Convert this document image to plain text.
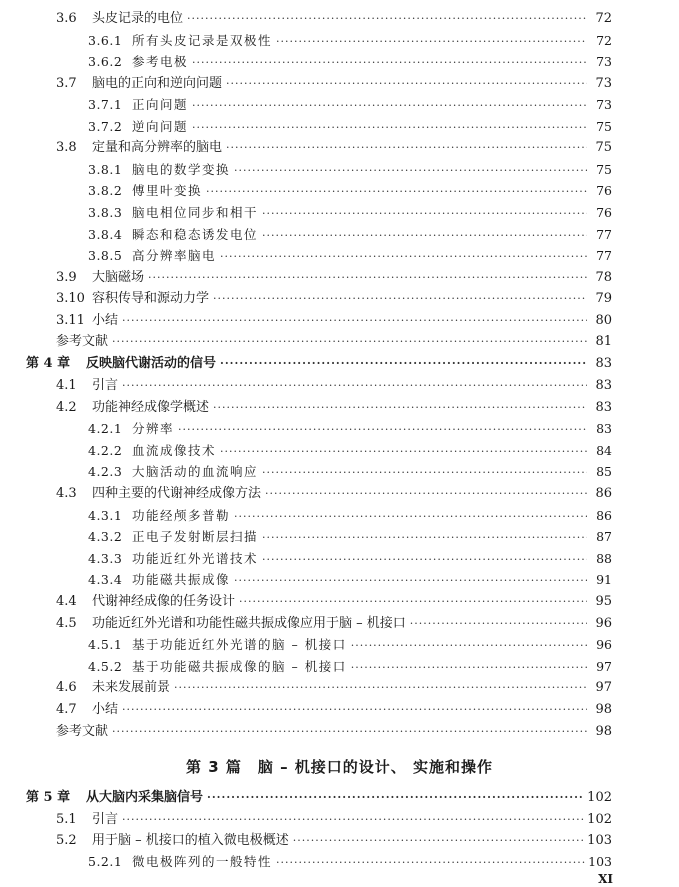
3.6	头皮记录的电位 ·····	72
3.6.1 所有头皮记录是双极性 ·····	72
3.6.2 参考电极 ·····	73
3.7	脑电的正向和逆向问题 ·····	73
3.7.1 正向问题 ·····	73
3.7.2 逆向问题 ·····	75
3.8	定量和高分辨率的脑电 ·····	75
3.8.1 脑电的数学变换 ·····	75
3.8.2 傅里叶变换 ·····	76
3.8.3 脑电相位同步和相干 ·····	76
3.8.4 瞬态和稳态诱发电位 ·····	77
3.8.5 高分辨率脑电 ·····	77
3.9	大脑磁场 ·····	78
3.10 容积传导和源动力学 ·····	79
3.11 小结 ·····	80
参考文献 ·····	81
第 4 章	反映脑代谢活动的信号 ·····	83
4.1	引言 ·····	83
4.2	功能神经成像学概述 ·····	83
4.2.1 分辨率 ·····	83
4.2.2 血流成像技术 ·····	84
4.2.3 大脑活动的血流响应 ·····	85
4.3	四种主要的代谢神经成像方法 ·····	86
4.3.1 功能经颅多普勒 ·····	86
4.3.2 正电子发射断层扫描 ·····	87
4.3.3 功能近红外光谱技术 ·····	88
4.3.4 功能磁共振成像 ·····	91
4.4	代谢神经成像的任务设计 ·····	95
4.5	功能近红外光谱和功能性磁共振成像应用于脑 – 机接口 ·····	96
4.5.1 基于功能近红外光谱的脑 – 机接口 ·····	96
4.5.2 基于功能磁共振成像的脑 – 机接口 ·····	97
4.6	未来发展前景 ·····	97
4.7	小结 ·····	98
参考文献 ·····	98
第 3 篇　脑 – 机接口的设计、 实施和操作
第 5 章	从大脑内采集脑信号 ·····	102
5.1	引言 ·····	102
5.2	用于脑 – 机接口的植入微电极概述 ·····	103
5.2.1 微电极阵列的一般特性 ·····	103
XI
